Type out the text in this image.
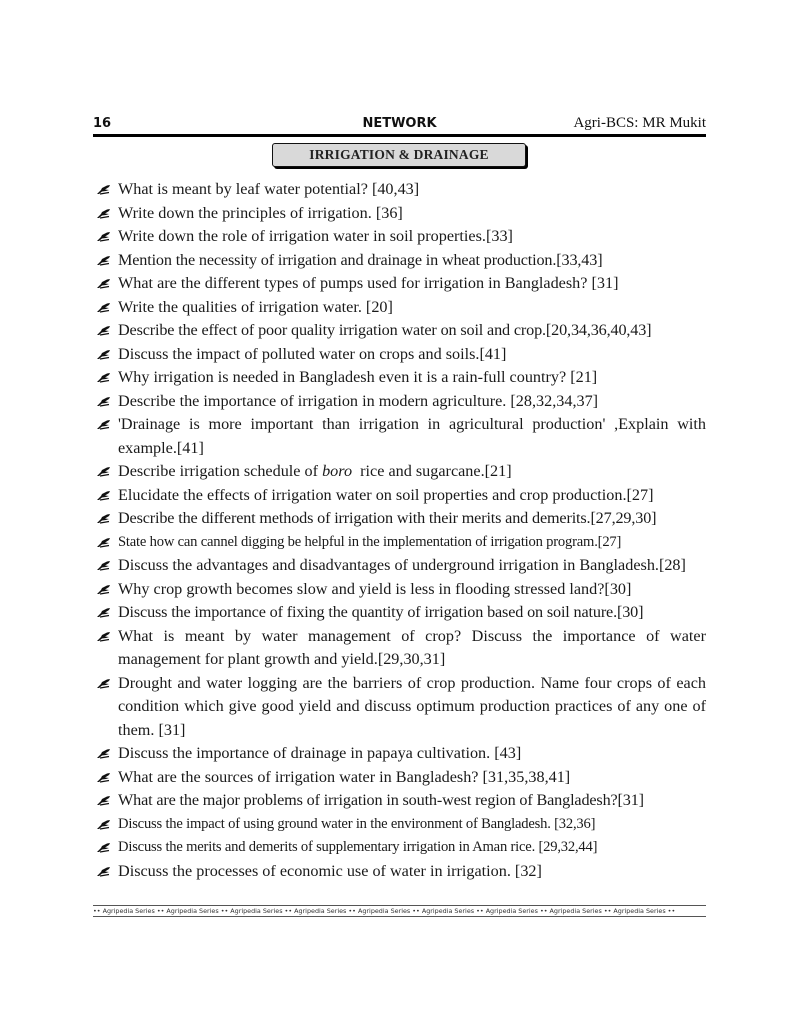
16	NETWORK	Agri-BCS: MR Mukit
IRRIGATION & DRAINAGE
What is meant by leaf water potential? [40,43]
Write down the principles of irrigation. [36]
Write down the role of irrigation water in soil properties.[33]
Mention the necessity of irrigation and drainage in wheat production.[33,43]
What are the different types of pumps used for irrigation in Bangladesh? [31]
Write the qualities of irrigation water. [20]
Describe the effect of poor quality irrigation water on soil and crop.[20,34,36,40,43]
Discuss the impact of polluted water on crops and soils.[41]
Why irrigation is needed in Bangladesh even it is a rain-full country? [21]
Describe the importance of irrigation in modern agriculture. [28,32,34,37]
'Drainage is more important than irrigation in agricultural production' ,Explain with example.[41]
Describe irrigation schedule of boro  rice and sugarcane.[21]
Elucidate the effects of irrigation water on soil properties and crop production.[27]
Describe the different methods of irrigation with their merits and demerits.[27,29,30]
State how can cannel digging be helpful in the implementation of irrigation program.[27]
Discuss the advantages and disadvantages of underground irrigation in Bangladesh.[28]
Why crop growth becomes slow and yield is less in flooding stressed land?[30]
Discuss the importance of fixing the quantity of irrigation based on soil nature.[30]
What is meant by water management of crop? Discuss the importance of water management for plant growth and yield.[29,30,31]
Drought and water logging are the barriers of crop production. Name four crops of each condition which give good yield and discuss optimum production practices of any one of them. [31]
Discuss the importance of drainage in papaya cultivation. [43]
What are the sources of irrigation water in Bangladesh? [31,35,38,41]
What are the major problems of irrigation in south-west region of Bangladesh?[31]
Discuss the impact of using ground water in the environment of Bangladesh. [32,36]
Discuss the merits and demerits of supplementary irrigation in Aman rice. [29,32,44]
Discuss the processes of economic use of water in irrigation. [32]
•• Agripedia Series •• Agripedia Series •• Agripedia Series •• Agripedia Series •• Agripedia Series •• Agripedia Series •• Agripedia Series •• Agripedia Series •• Agripedia Series ••
